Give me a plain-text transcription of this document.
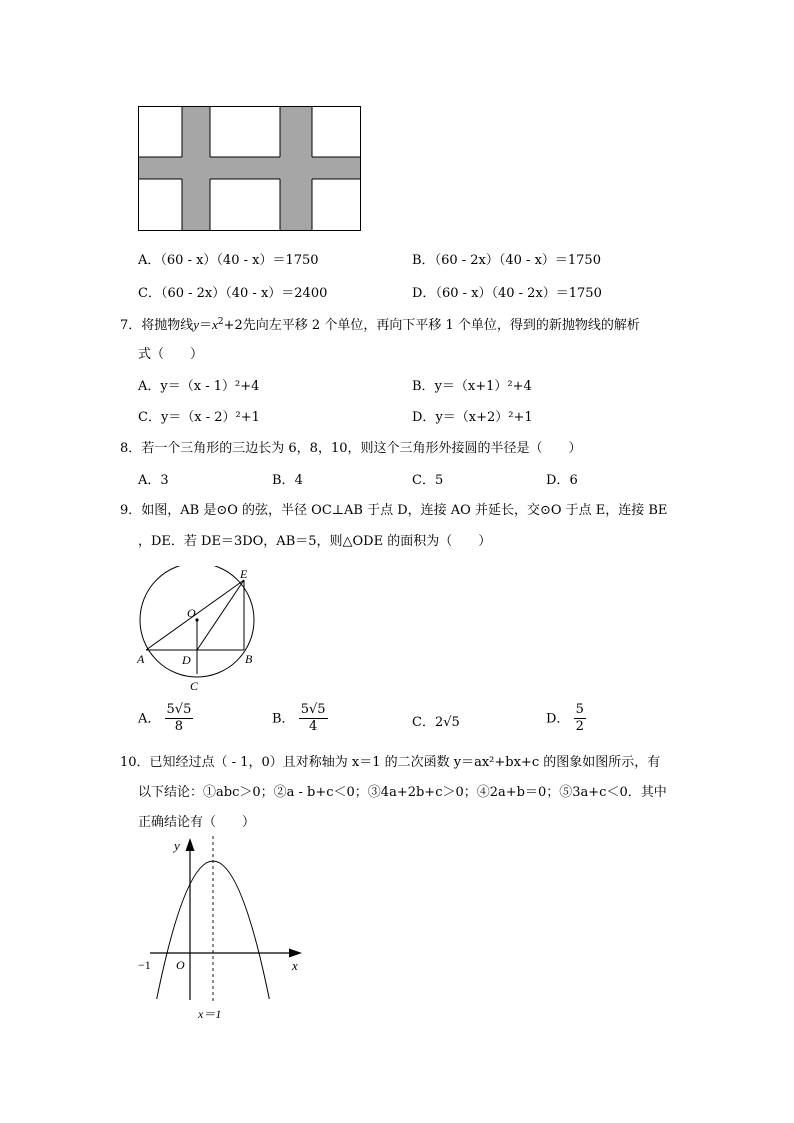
A．（60 - x）（40 - x）＝1750	B．（60 - 2x）（40 - x）＝1750
C．（60 - 2x）（40 - x）＝2400	D．（60 - x）（40 - 2x）＝1750
7．将抛物线$y=x^2+2$先向左平移 2 个单位，再向下平移 1 个单位，得到的新抛物线的解析
式（　　）
A．y＝（x - 1）²+4	B．y＝（x+1）²+4
C．y＝（x - 2）²+1	D．y＝（x+2）²+1
8．若一个三角形的三边长为 6，8，10，则这个三角形外接圆的半径是（　　）
A．3	B．4	C．5	D．6
9．如图，AB 是⊙O 的弦，半径 OC⊥AB 于点 D，连接 AO 并延长，交⊙O 于点 E，连接 BE
，DE．若 DE＝3DO，AB＝5，则△ODE 的面积为（　　）
E
O
A	D	B
C
A． $\frac{5√5}{8}$	B． $\frac{5√5}{4}$	C．2√5	D． $\frac{5}{2}$
10．已知经过点（ - 1，0）且对称轴为 x＝1 的二次函数 y＝ax²+bx+c 的图象如图所示，有
以下结论：①abc＞0；②a - b+c＜0；③4a+2b+c＞0；④2a+b＝0；⑤3a+c＜0．其中
正确结论有（　　）
y
x
O
−1
x＝1
